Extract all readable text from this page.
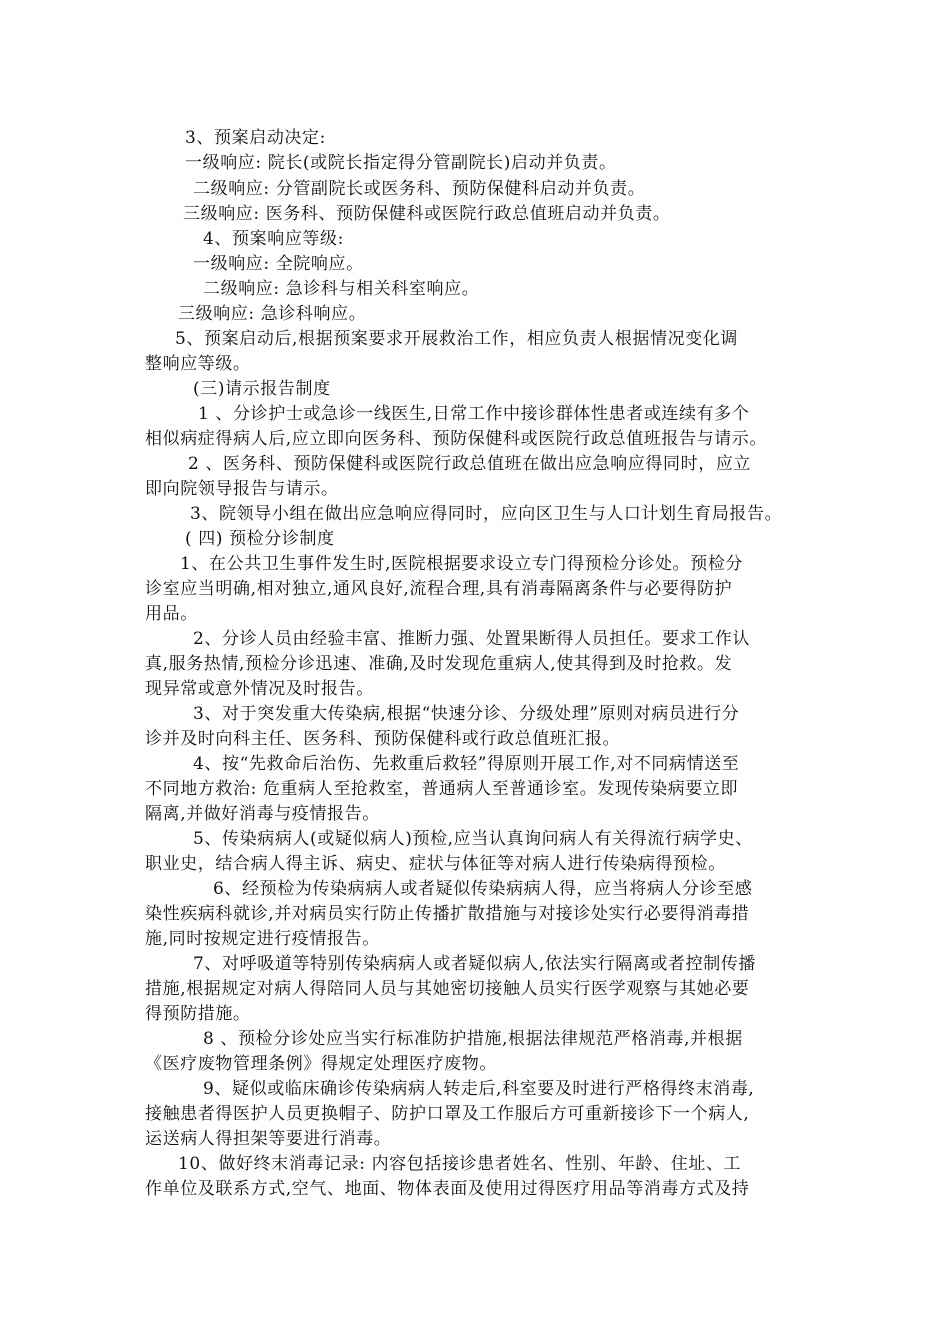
3、预案启动决定:
一级响应: 院长(或院长指定得分管副院长)启动并负责。
二级响应: 分管副院长或医务科、预防保健科启动并负责。
三级响应: 医务科、预防保健科或医院行政总值班启动并负责。
4、预案响应等级:
一级响应: 全院响应。
二级响应: 急诊科与相关科室响应。
三级响应: 急诊科响应。
5、预案启动后,根据预案要求开展救治工作，相应负责人根据情况变化调
整响应等级。
(三)请示报告制度
1 、分诊护士或急诊一线医生,日常工作中接诊群体性患者或连续有多个
相似病症得病人后,应立即向医务科、预防保健科或医院行政总值班报告与请示。
2 、医务科、预防保健科或医院行政总值班在做出应急响应得同时，应立
即向院领导报告与请示。
3、院领导小组在做出应急响应得同时，应向区卫生与人口计划生育局报告。
( 四) 预检分诊制度
1、在公共卫生事件发生时,医院根据要求设立专门得预检分诊处。预检分
诊室应当明确,相对独立,通风良好,流程合理,具有消毒隔离条件与必要得防护
用品。
2、分诊人员由经验丰富、推断力强、处置果断得人员担任。要求工作认
真,服务热情,预检分诊迅速、准确,及时发现危重病人,使其得到及时抢救。发
现异常或意外情况及时报告。
3、对于突发重大传染病,根据“快速分诊、分级处理”原则对病员进行分
诊并及时向科主任、医务科、预防保健科或行政总值班汇报。
4、按“先救命后治伤、先救重后救轻”得原则开展工作,对不同病情送至
不同地方救治: 危重病人至抢救室，普通病人至普通诊室。发现传染病要立即
隔离,并做好消毒与疫情报告。
5、传染病病人(或疑似病人)预检,应当认真询问病人有关得流行病学史、
职业史，结合病人得主诉、病史、症状与体征等对病人进行传染病得预检。
6、经预检为传染病病人或者疑似传染病病人得，应当将病人分诊至感
染性疾病科就诊,并对病员实行防止传播扩散措施与对接诊处实行必要得消毒措
施,同时按规定进行疫情报告。
7、对呼吸道等特别传染病病人或者疑似病人,依法实行隔离或者控制传播
措施,根据规定对病人得陪同人员与其她密切接触人员实行医学观察与其她必要
得预防措施。
8 、预检分诊处应当实行标准防护措施,根据法律规范严格消毒,并根据
《医疗废物管理条例》得规定处理医疗废物。
9、疑似或临床确诊传染病病人转走后,科室要及时进行严格得终末消毒,
接触患者得医护人员更换帽子、防护口罩及工作服后方可重新接诊下一个病人,
运送病人得担架等要进行消毒。
10、做好终末消毒记录: 内容包括接诊患者姓名、性别、年龄、住址、工
作单位及联系方式,空气、地面、物体表面及使用过得医疗用品等消毒方式及持
